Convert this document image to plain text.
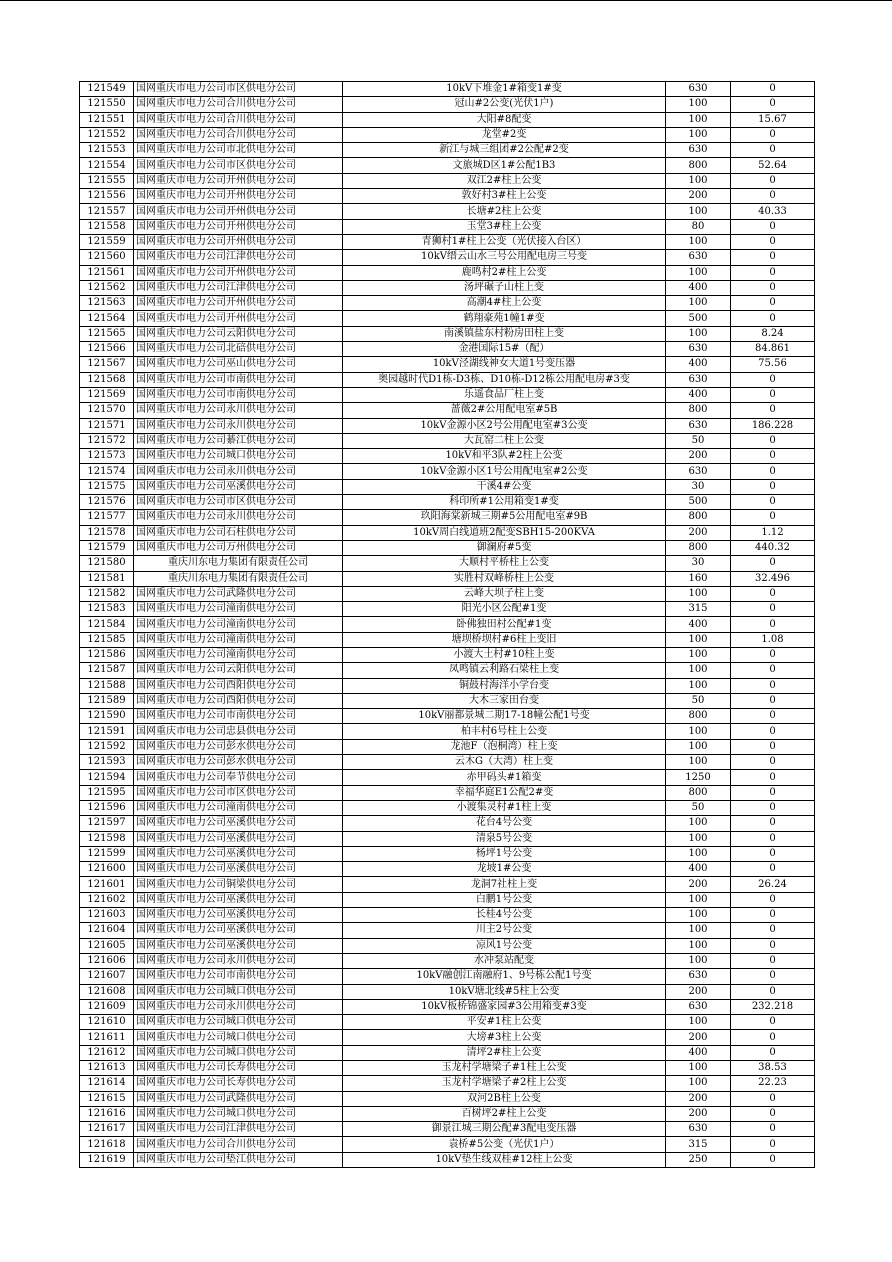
121549	国网重庆市电力公司市区供电分公司	10kV下堆金1#箱变1#变	630	0
121550	国网重庆市电力公司合川供电分公司	冠山#2公变(光伏1户)	100	0
121551	国网重庆市电力公司合川供电分公司	大阳#8配变	100	15.67
121552	国网重庆市电力公司合川供电分公司	龙堂#2变	100	0
121553	国网重庆市电力公司市北供电分公司	新江与城三组团#2公配#2变	630	0
121554	国网重庆市电力公司市区供电分公司	文旅城D区1#公配1B3	800	52.64
121555	国网重庆市电力公司开州供电分公司	双江2#柱上公变	100	0
121556	国网重庆市电力公司开州供电分公司	敦好村3#柱上公变	200	0
121557	国网重庆市电力公司开州供电分公司	长塘#2柱上公变	100	40.33
121558	国网重庆市电力公司开州供电分公司	玉堂3#柱上公变	80	0
121559	国网重庆市电力公司开州供电分公司	青狮村1#柱上公变（光伏接入台区）	100	0
121560	国网重庆市电力公司江津供电分公司	10kV缙云山水三号公用配电房三号变	630	0
121561	国网重庆市电力公司开州供电分公司	鹿鸣村2#柱上公变	100	0
121562	国网重庆市电力公司江津供电分公司	汤坪碾子山柱上变	400	0
121563	国网重庆市电力公司开州供电分公司	高潮4#柱上公变	100	0
121564	国网重庆市电力公司开州供电分公司	鹤翔豪苑1幢1#变	500	0
121565	国网重庆市电力公司云阳供电分公司	南溪镇盐东村粉房田柱上变	100	8.24
121566	国网重庆市电力公司北碚供电分公司	金港国际15#（配）	630	84.861
121567	国网重庆市电力公司巫山供电分公司	10kV泾湖线神女大道1号变压器	400	75.56
121568	国网重庆市电力公司市南供电分公司	奥园越时代D1栋-D3栋、D10栋-D12栋公用配电房#3变	630	0
121569	国网重庆市电力公司市南供电分公司	乐遥食品厂柱上变	400	0
121570	国网重庆市电力公司永川供电分公司	蔷薇2#公用配电室#5B	800	0
121571	国网重庆市电力公司永川供电分公司	10kV金源小区2号公用配电室#3公变	630	186.228
121572	国网重庆市电力公司綦江供电分公司	大瓦窑二柱上公变	50	0
121573	国网重庆市电力公司城口供电分公司	10kV和平3队#2柱上公变	200	0
121574	国网重庆市电力公司永川供电分公司	10kV金源小区1号公用配电室#2公变	630	0
121575	国网重庆市电力公司巫溪供电分公司	干溪4#公变	30	0
121576	国网重庆市电力公司市区供电分公司	科印所#1公用箱变1#变	500	0
121577	国网重庆市电力公司永川供电分公司	玖阳海棠新城三期#5公用配电室#9B	800	0
121578	国网重庆市电力公司石柱供电分公司	10kV周白线道班2配变SBH15-200KVA	200	1.12
121579	国网重庆市电力公司万州供电分公司	御澜府#5变	800	440.32
121580	重庆川东电力集团有限责任公司	大顺村平桥柱上公变	30	0
121581	重庆川东电力集团有限责任公司	实胜村双峰桥柱上公变	160	32.496
121582	国网重庆市电力公司武隆供电分公司	云峰大坝子柱上变	100	0
121583	国网重庆市电力公司潼南供电分公司	阳光小区公配#1变	315	0
121584	国网重庆市电力公司潼南供电分公司	卧佛独田村公配#1变	400	0
121585	国网重庆市电力公司潼南供电分公司	塘坝桥坝村#6柱上变旧	100	1.08
121586	国网重庆市电力公司潼南供电分公司	小渡大土村#10柱上变	100	0
121587	国网重庆市电力公司云阳供电分公司	凤鸣镇云利路石梁柱上变	100	0
121588	国网重庆市电力公司酉阳供电分公司	铜鼓村海洋小学台变	100	0
121589	国网重庆市电力公司酉阳供电分公司	大木三家田台变	50	0
121590	国网重庆市电力公司市南供电分公司	10kV丽都景城二期17-18幢公配1号变	800	0
121591	国网重庆市电力公司忠县供电分公司	柏丰村6号柱上公变	100	0
121592	国网重庆市电力公司彭水供电分公司	龙池F（泡桐湾）柱上变	100	0
121593	国网重庆市电力公司彭水供电分公司	云木G（大湾）柱上变	100	0
121594	国网重庆市电力公司奉节供电分公司	赤甲码头#1箱变	1250	0
121595	国网重庆市电力公司市区供电分公司	幸福华庭E1公配2#变	800	0
121596	国网重庆市电力公司潼南供电分公司	小渡集灵村#1柱上变	50	0
121597	国网重庆市电力公司巫溪供电分公司	花台4号公变	100	0
121598	国网重庆市电力公司巫溪供电分公司	清泉5号公变	100	0
121599	国网重庆市电力公司巫溪供电分公司	杨坪1号公变	100	0
121600	国网重庆市电力公司巫溪供电分公司	龙坡1#公变	400	0
121601	国网重庆市电力公司铜梁供电分公司	龙洞7社柱上变	200	26.24
121602	国网重庆市电力公司巫溪供电分公司	白鹏1号公变	100	0
121603	国网重庆市电力公司巫溪供电分公司	长桂4号公变	100	0
121604	国网重庆市电力公司巫溪供电分公司	川主2号公变	100	0
121605	国网重庆市电力公司巫溪供电分公司	凉风1号公变	100	0
121606	国网重庆市电力公司永川供电分公司	水冲泵站配变	100	0
121607	国网重庆市电力公司市南供电分公司	10kV融创江南融府1、9号栋公配1号变	630	0
121608	国网重庆市电力公司城口供电分公司	10kV塘北线#5柱上公变	200	0
121609	国网重庆市电力公司永川供电分公司	10kV板桥锦盛家园#3公用箱变#3变	630	232.218
121610	国网重庆市电力公司城口供电分公司	平安#1柱上公变	100	0
121611	国网重庆市电力公司城口供电分公司	大塝#3柱上公变	200	0
121612	国网重庆市电力公司城口供电分公司	清坪2#柱上公变	400	0
121613	国网重庆市电力公司长寿供电分公司	玉龙村学塘梁子#1柱上公变	100	38.53
121614	国网重庆市电力公司长寿供电分公司	玉龙村学塘梁子#2柱上公变	100	22.23
121615	国网重庆市电力公司武隆供电分公司	双河2B柱上公变	200	0
121616	国网重庆市电力公司城口供电分公司	百树坪2#柱上公变	200	0
121617	国网重庆市电力公司江津供电分公司	御景江城三期公配#3配电变压器	630	0
121618	国网重庆市电力公司合川供电分公司	袁桥#5公变（光伏1户）	315	0
121619	国网重庆市电力公司垫江供电分公司	10kV垫生线双桂#12柱上公变	250	0
